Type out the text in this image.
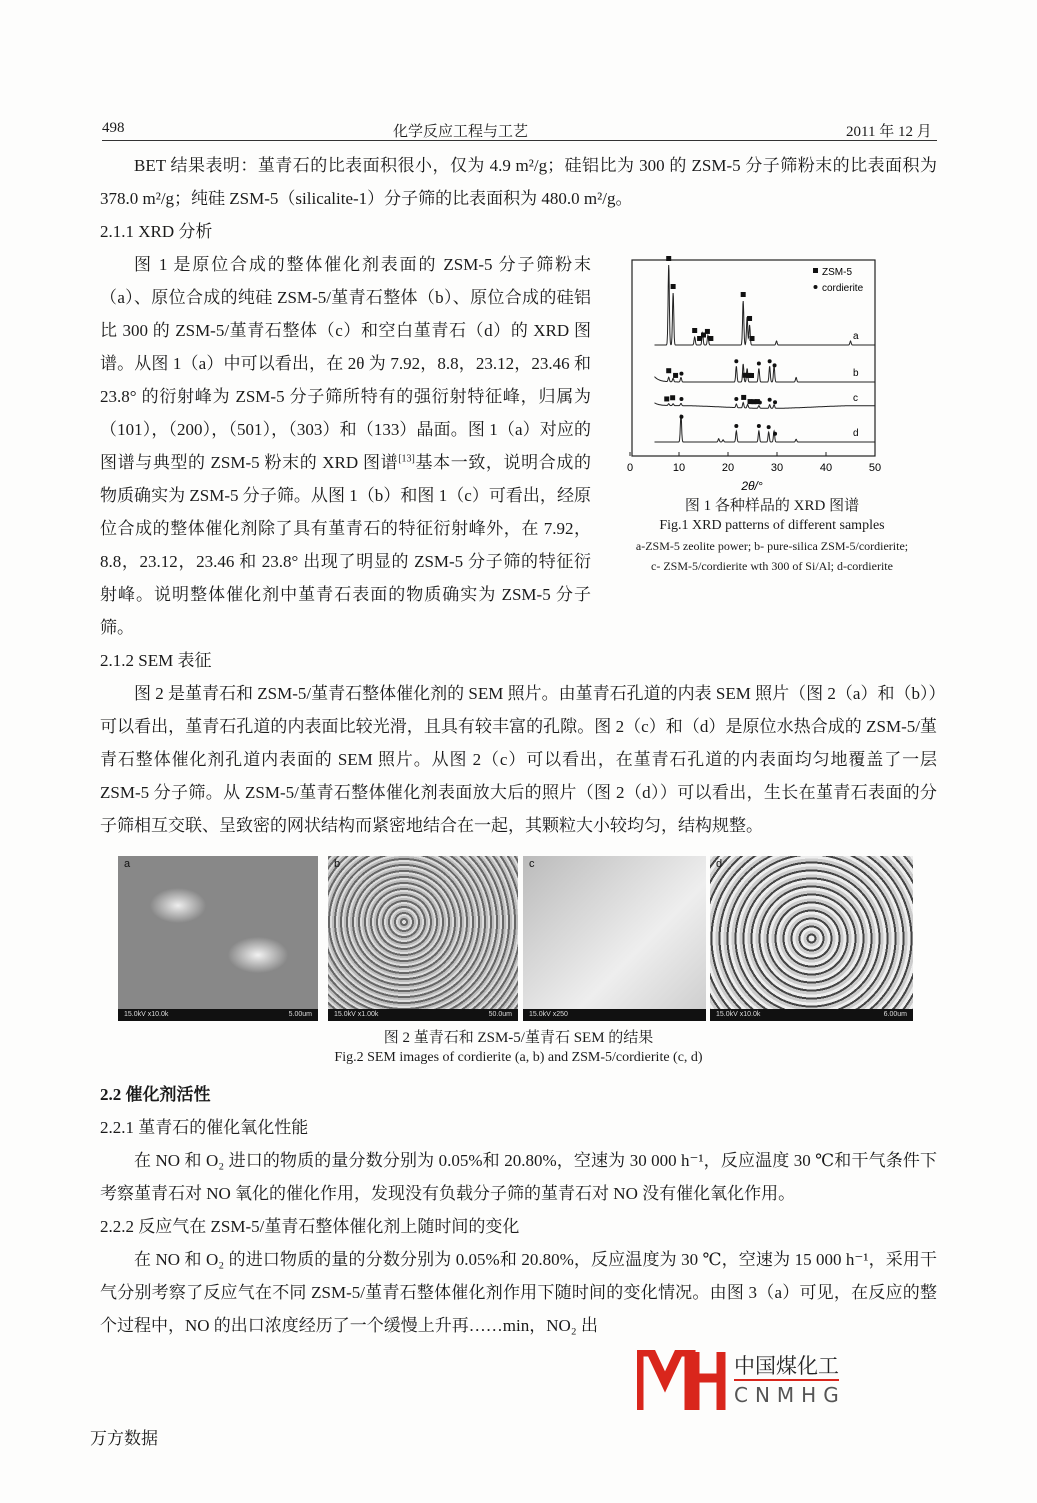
498	化学反应工程与工艺	2011 年 12 月

BET 结果表明：堇青石的比表面积很小，仅为 4.9 m²/g；硅铝比为 300 的 ZSM-5 分子筛粉末的比表面积为 378.0 m²/g；纯硅 ZSM-5（silicalite-1）分子筛的比表面积为 480.0 m²/g。

2.1.1 XRD 分析
a
b
c
d
ZSM-5
cordierite
0	10	20	30	40	50
2θ/°
图 1 各种样品的 XRD 图谱
Fig.1 XRD patterns of different samples
a-ZSM-5 zeolite power; b- pure-silica ZSM-5/cordierite;
c- ZSM-5/cordierite wth 300 of Si/Al; d-cordierite

图 1 是原位合成的整体催化剂表面的 ZSM-5 分子筛粉末（a）、原位合成的纯硅 ZSM-5/堇青石整体（b）、原位合成的硅铝比 300 的 ZSM-5/堇青石整体（c）和空白堇青石（d）的 XRD 图谱。从图 1（a）中可以看出，在 2θ 为 7.92，8.8，23.12，23.46 和 23.8° 的衍射峰为 ZSM-5 分子筛所特有的强衍射特征峰，归属为（101），（200），（501），（303）和（133）晶面。图 1（a）对应的图谱与典型的 ZSM-5 粉末的 XRD 图谱[13]基本一致，说明合成的物质确实为 ZSM-5 分子筛。从图 1（b）和图 1（c）可看出，经原位合成的整体催化剂除了具有堇青石的特征衍射峰外，在 7.92，8.8，23.12，23.46 和 23.8° 出现了明显的 ZSM-5 分子筛的特征衍射峰。说明整体催化剂中堇青石表面的物质确实为 ZSM-5 分子筛。

2.1.2 SEM 表征

图 2 是堇青石和 ZSM-5/堇青石整体催化剂的 SEM 照片。由堇青石孔道的内表 SEM 照片（图 2（a）和（b））可以看出，堇青石孔道的内表面比较光滑，且具有较丰富的孔隙。图 2（c）和（d）是原位水热合成的 ZSM-5/堇青石整体催化剂孔道内表面的 SEM 照片。从图 2（c）可以看出，在堇青石孔道的内表面均匀地覆盖了一层 ZSM-5 分子筛。从 ZSM-5/堇青石整体催化剂表面放大后的照片（图 2（d））可以看出，生长在堇青石表面的分子筛相互交联、呈致密的网状结构而紧密地结合在一起，其颗粒大小较均匀，结构规整。

a
15.0kV x10.0k	5.00um
b
15.0kV x1.00k	50.0um
c
15.0kV x250
d
15.0kV x10.0k	6.00um
图 2 堇青石和 ZSM-5/堇青石 SEM 的结果
Fig.2 SEM images of cordierite (a, b) and ZSM-5/cordierite (c, d)
2.2 催化剂活性
2.2.1 堇青石的催化氧化性能

在 NO 和 O₂ 进口的物质的量分数分别为 0.05%和 20.80%，空速为 30 000 h⁻¹，反应温度 30 ℃和干气条件下考察堇青石对 NO 氧化的催化作用，发现没有负载分子筛的堇青石对 NO 没有催化氧化作用。

2.2.2 反应气在 ZSM-5/堇青石整体催化剂上随时间的变化

在 NO 和 O₂ 的进口物质的量的分数分别为 0.05%和 20.80%，反应温度为 30 ℃，空速为 15 000 h⁻¹，采用干气分别考察了反应气在不同 ZSM-5/堇青石整体催化剂作用下随时间的变化情况。由图 3（a）可见，在反应的整个过程中，NO 的出口浓度经历了一个缓慢上升再……min，NO₂ 出

中国煤化工
CNMHG
万方数据
